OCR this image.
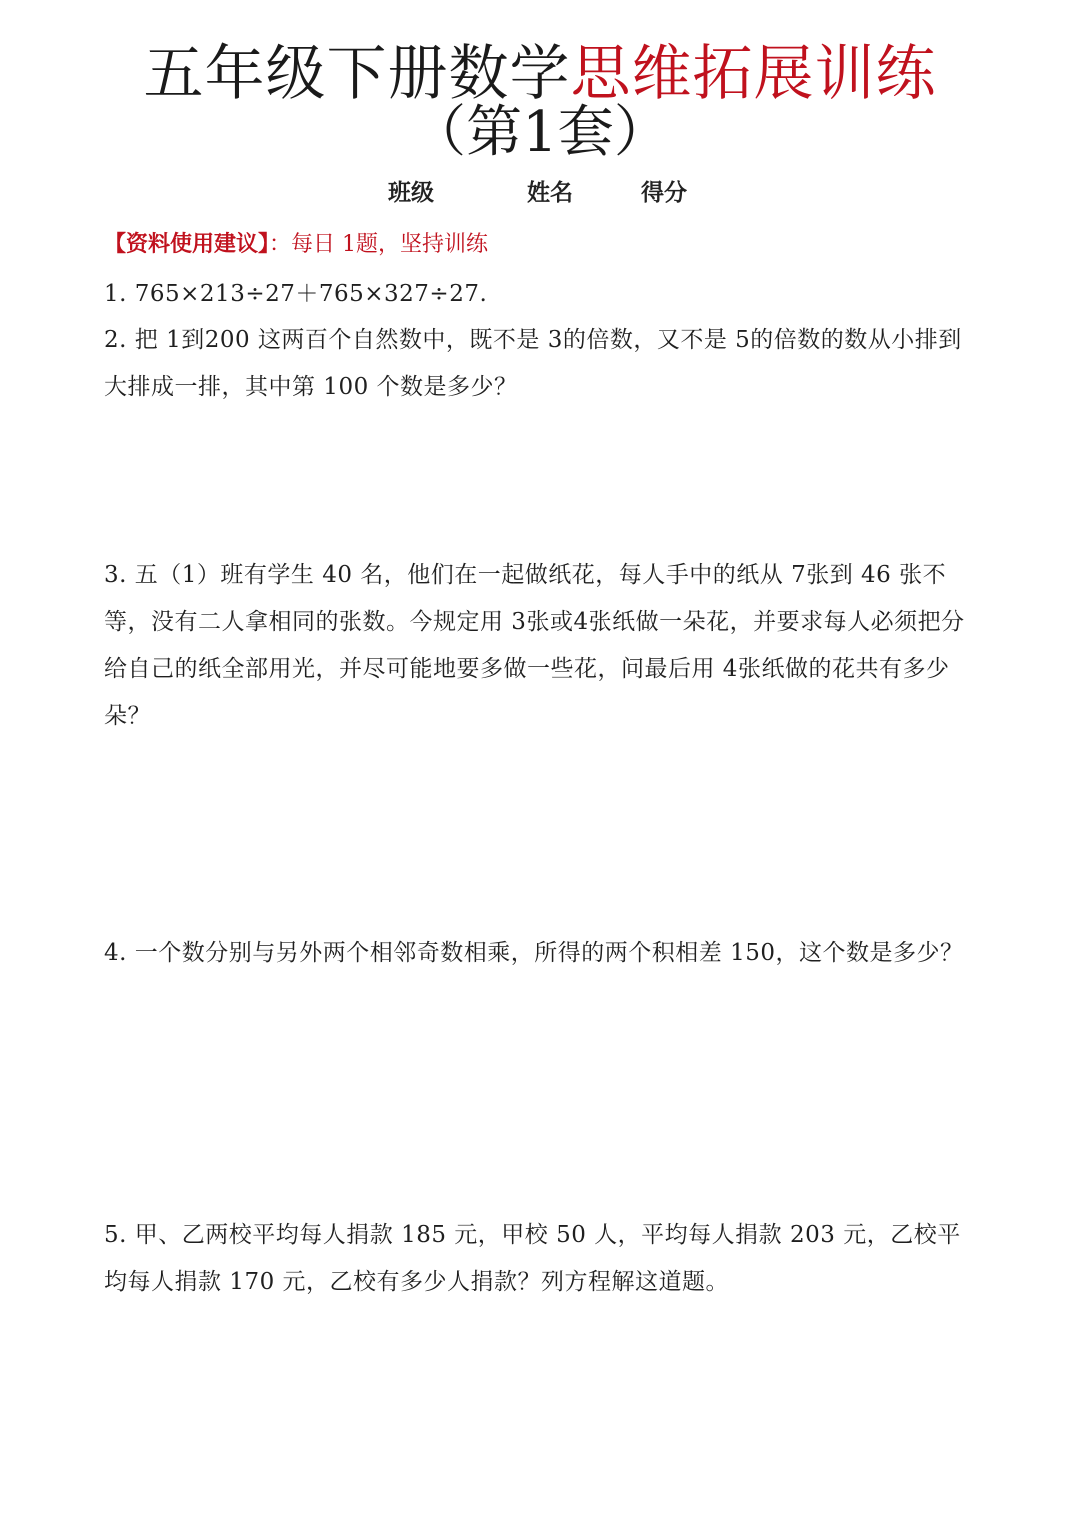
五年级下册数学思维拓展训练
（第1套）
班级	姓名	得分
【资料使用建议】：每日 1题，坚持训练
1. 765×213÷27＋765×327÷27.
2. 把 1到200 这两百个自然数中，既不是 3的倍数，又不是 5的倍数的数从小排到大排成一排，其中第 100 个数是多少？
3. 五（1）班有学生 40 名，他们在一起做纸花，每人手中的纸从 7张到 46 张不等，没有二人拿相同的张数。今规定用 3张或4张纸做一朵花，并要求每人必须把分给自己的纸全部用光，并尽可能地要多做一些花，问最后用 4张纸做的花共有多少朵？
4. 一个数分别与另外两个相邻奇数相乘，所得的两个积相差 150，这个数是多少？
5. 甲、乙两校平均每人捐款 185 元，甲校 50 人，平均每人捐款 203 元，乙校平均每人捐款 170 元，乙校有多少人捐款？列方程解这道题。
